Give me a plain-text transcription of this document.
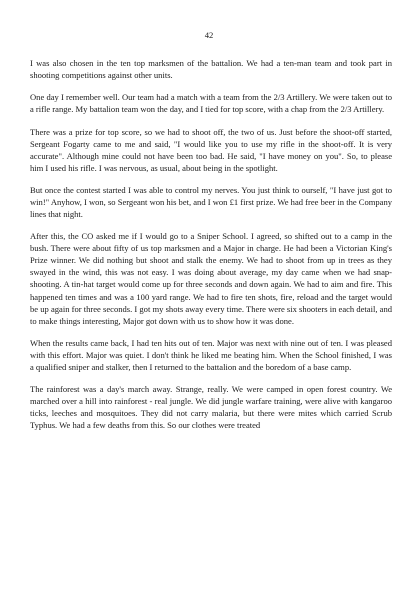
42

I was also chosen in the ten top marksmen of the battalion. We had a ten-man team and took part in shooting competitions against other units.

One day I remember well. Our team had a match with a team from the 2/3 Artillery. We were taken out to a rifle range. My battalion team won the day, and I tied for top score, with a chap from the 2/3 Artillery.

There was a prize for top score, so we had to shoot off, the two of us. Just before the shoot-off started, Sergeant Fogarty came to me and said, "I would like you to use my rifle in the shoot-off. It is very accurate". Although mine could not have been too bad. He said, "I have money on you". So, to please him I used his rifle. I was nervous, as usual, about being in the spotlight.

But once the contest started I was able to control my nerves. You just think to ourself, "I have just got to win!" Anyhow, I won, so Sergeant won his bet, and I won £1 first prize. We had free beer in the Company lines that night.

After this, the CO asked me if I would go to a Sniper School. I agreed, so shifted out to a camp in the bush. There were about fifty of us top marksmen and a Major in charge. He had been a Victorian King's Prize winner. We did nothing but shoot and stalk the enemy. We had to shoot from up in trees as they swayed in the wind, this was not easy. I was doing about average, my day came when we had snap-shooting. A tin-hat target would come up for three seconds and down again. We had to aim and fire. This happened ten times and was a 100 yard range. We had to fire ten shots, fire, reload and the target would be up again for three seconds. I got my shots away every time. There were six shooters in each detail, and to make things interesting, Major got down with us to show how it was done.

When the results came back, I had ten hits out of ten. Major was next with nine out of ten. I was pleased with this effort. Major was quiet. I don't think he liked me beating him. When the School finished, I was a qualified sniper and stalker, then I returned to the battalion and the boredom of a base camp.

The rainforest was a day's march away. Strange, really. We were camped in open forest country. We marched over a hill into rainforest - real jungle. We did jungle warfare training, were alive with kangaroo ticks, leeches and mosquitoes. They did not carry malaria, but there were mites which carried Scrub Typhus. We had a few deaths from this. So our clothes were treated
